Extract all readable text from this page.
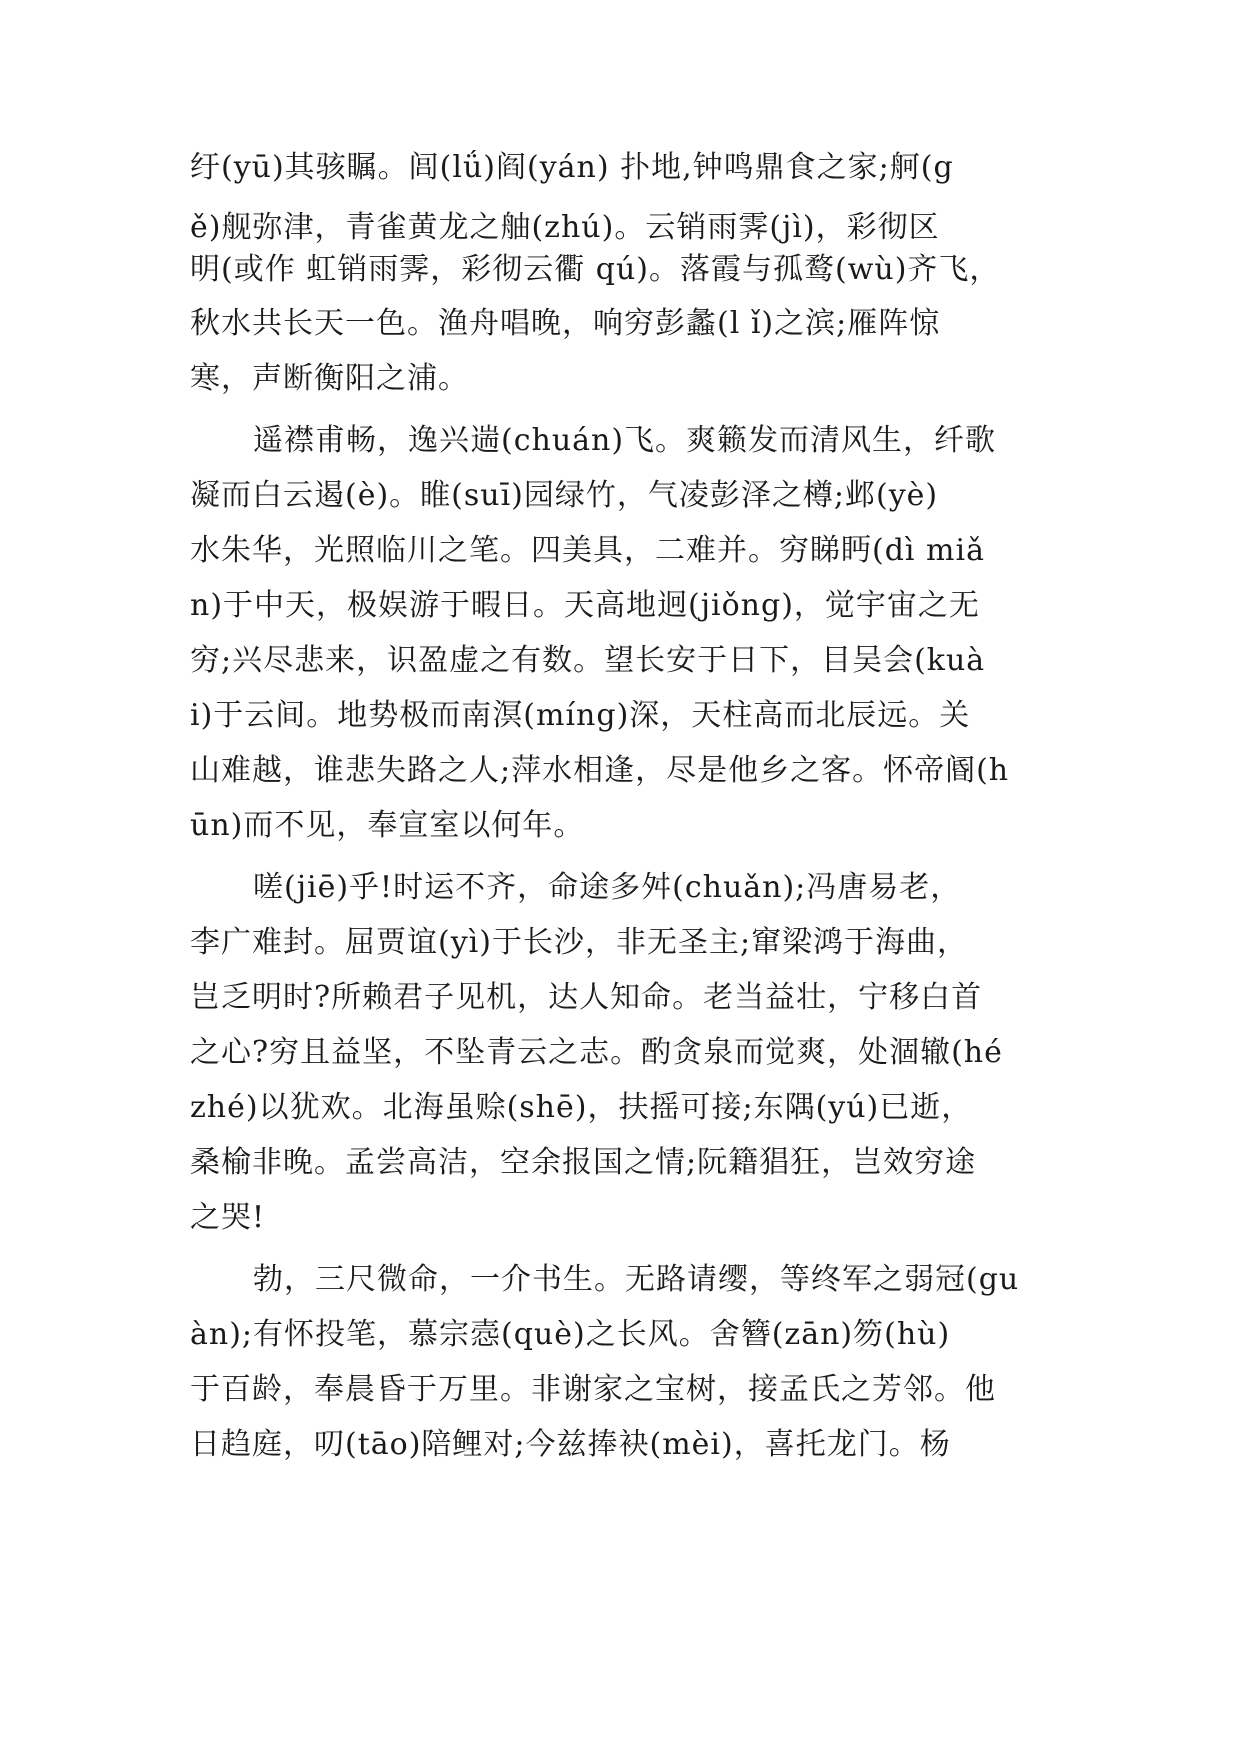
纡(yū)其骇瞩。闾(lǘ)阎(yán) 扑地,钟鸣鼎食之家;舸(g
ě)舰弥津，青雀黄龙之舳(zhú)。云销雨霁(jì)，彩彻区
明(或作 虹销雨霁，彩彻云衢 qú)。落霞与孤鹜(wù)齐飞，
秋水共长天一色。渔舟唱晚，响穷彭蠡(l ǐ)之滨;雁阵惊
寒，声断衡阳之浦。
遥襟甫畅，逸兴遄(chuán)飞。爽籁发而清风生，纤歌
凝而白云遏(è)。睢(suī)园绿竹，气凌彭泽之樽;邺(yè)
水朱华，光照临川之笔。四美具，二难并。穷睇眄(dì miǎ
n)于中天，极娱游于暇日。天高地迥(jiǒng)，觉宇宙之无
穷;兴尽悲来，识盈虚之有数。望长安于日下，目吴会(kuà
i)于云间。地势极而南溟(míng)深，天柱高而北辰远。关
山难越，谁悲失路之人;萍水相逢，尽是他乡之客。怀帝阍(h
ūn)而不见，奉宣室以何年。
嗟(jiē)乎!时运不齐，命途多舛(chuǎn);冯唐易老，
李广难封。屈贾谊(yì)于长沙，非无圣主;窜梁鸿于海曲，
岂乏明时?所赖君子见机，达人知命。老当益壮，宁移白首
之心?穷且益坚，不坠青云之志。酌贪泉而觉爽，处涸辙(hé
zhé)以犹欢。北海虽赊(shē)，扶摇可接;东隅(yú)已逝，
桑榆非晚。孟尝高洁，空余报国之情;阮籍猖狂，岂效穷途
之哭!
勃，三尺微命，一介书生。无路请缨，等终军之弱冠(gu
àn);有怀投笔，慕宗悫(què)之长风。舍簪(zān)笏(hù)
于百龄，奉晨昏于万里。非谢家之宝树，接孟氏之芳邻。他
日趋庭，叨(tāo)陪鲤对;今兹捧袂(mèi)，喜托龙门。杨
